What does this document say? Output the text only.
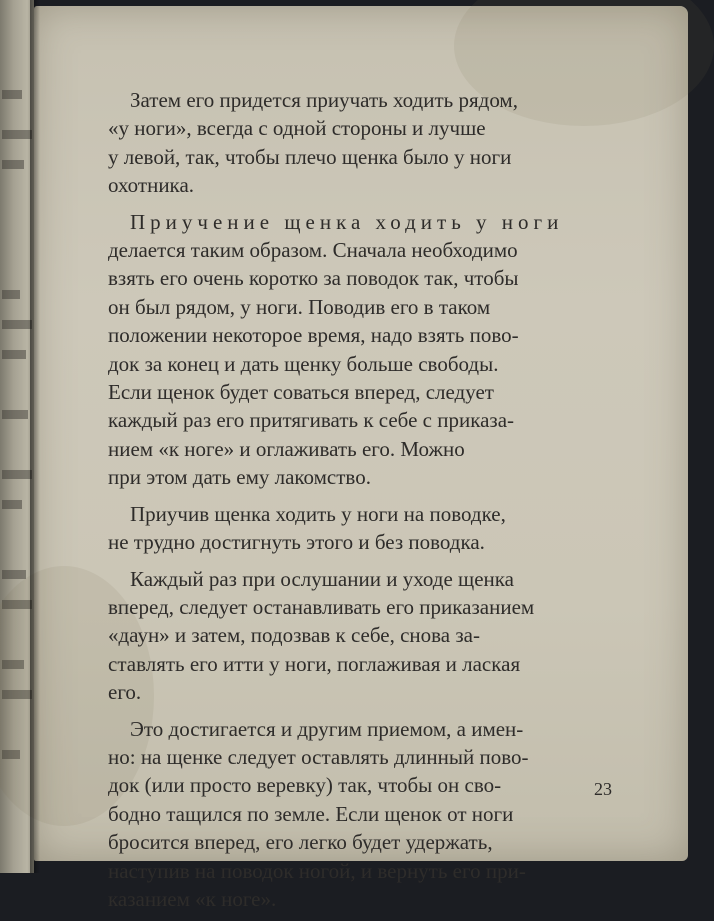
Затем его придется приучать ходить рядом,
«у ноги», всегда с одной стороны и лучше
у левой, так, чтобы плечо щенка было у ноги
охотника.

Приучение щенка ходить у ноги
делается таким образом. Сначала необходимо
взять его очень коротко за поводок так, чтобы
он был рядом, у ноги. Поводив его в таком
положении некоторое время, надо взять пово-
док за конец и дать щенку больше свободы.
Если щенок будет соваться вперед, следует
каждый раз его притягивать к себе с приказа-
нием «к ноге» и оглаживать его. Можно
при этом дать ему лакомство.

Приучив щенка ходить у ноги на поводке,
не трудно достигнуть этого и без поводка.

Каждый раз при ослушании и уходе щенка
вперед, следует останавливать его приказанием
«даун» и затем, подозвав к себе, снова за-
ставлять его итти у ноги, поглаживая и лаская
его.

Это достигается и другим приемом, а имен-
но: на щенке следует оставлять длинный пово-
док (или просто веревку) так, чтобы он сво-
бодно тащился по земле. Если щенок от ноги
бросится вперед, его легко будет удержать,
наступив на поводок ногой, и вернуть его при-
казанием «к ноге».

23
